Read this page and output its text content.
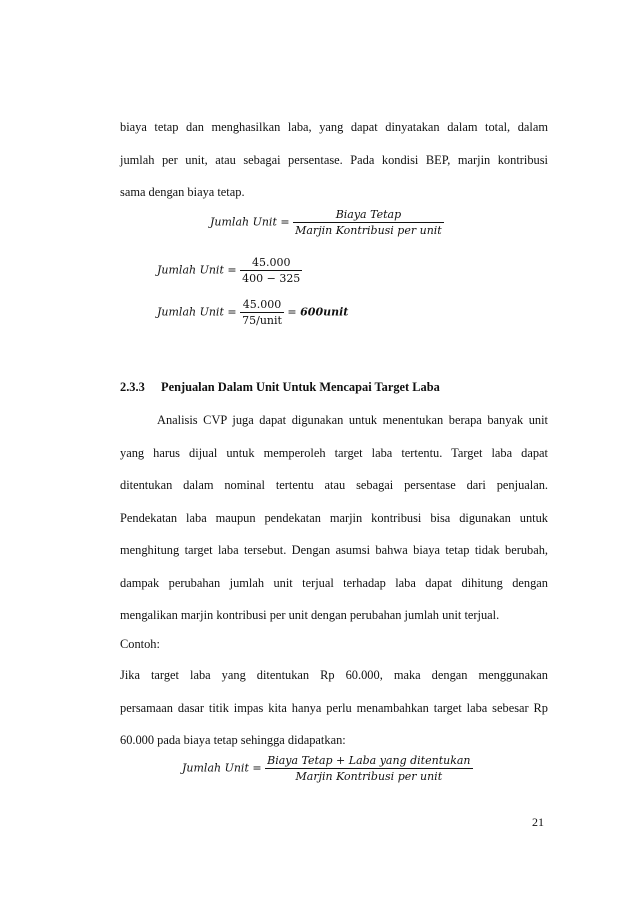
biaya tetap dan menghasilkan laba, yang dapat dinyatakan dalam total, dalam
jumlah per unit, atau sebagai persentase. Pada kondisi BEP, marjin kontribusi
sama dengan biaya tetap.
Jumlah Unit = $\frac{\text{Biaya Tetap}}{\text{Marjin Kontribusi per unit}}$
Jumlah Unit = $\frac{45.000}{400 - 325}$
Jumlah Unit = $\frac{45.000}{\text{75/unit}}$ = 600unit
2.3.3 Penjualan Dalam Unit Untuk Mencapai Target Laba
Analisis CVP juga dapat digunakan untuk menentukan berapa banyak unit
yang harus dijual untuk memperoleh target laba tertentu. Target laba dapat
ditentukan dalam nominal tertentu atau sebagai persentase dari penjualan.
Pendekatan laba maupun pendekatan marjin kontribusi bisa digunakan untuk
menghitung target laba tersebut. Dengan asumsi bahwa biaya tetap tidak berubah,
dampak perubahan jumlah unit terjual terhadap laba dapat dihitung dengan
mengalikan marjin kontribusi per unit dengan perubahan jumlah unit terjual.
Contoh:
Jika target laba yang ditentukan Rp 60.000, maka dengan menggunakan
persamaan dasar titik impas kita hanya perlu menambahkan target laba sebesar Rp
60.000 pada biaya tetap sehingga didapatkan:
Jumlah Unit = $\frac{\text{Biaya Tetap + Laba yang ditentukan}}{\text{Marjin Kontribusi per unit}}$
21
